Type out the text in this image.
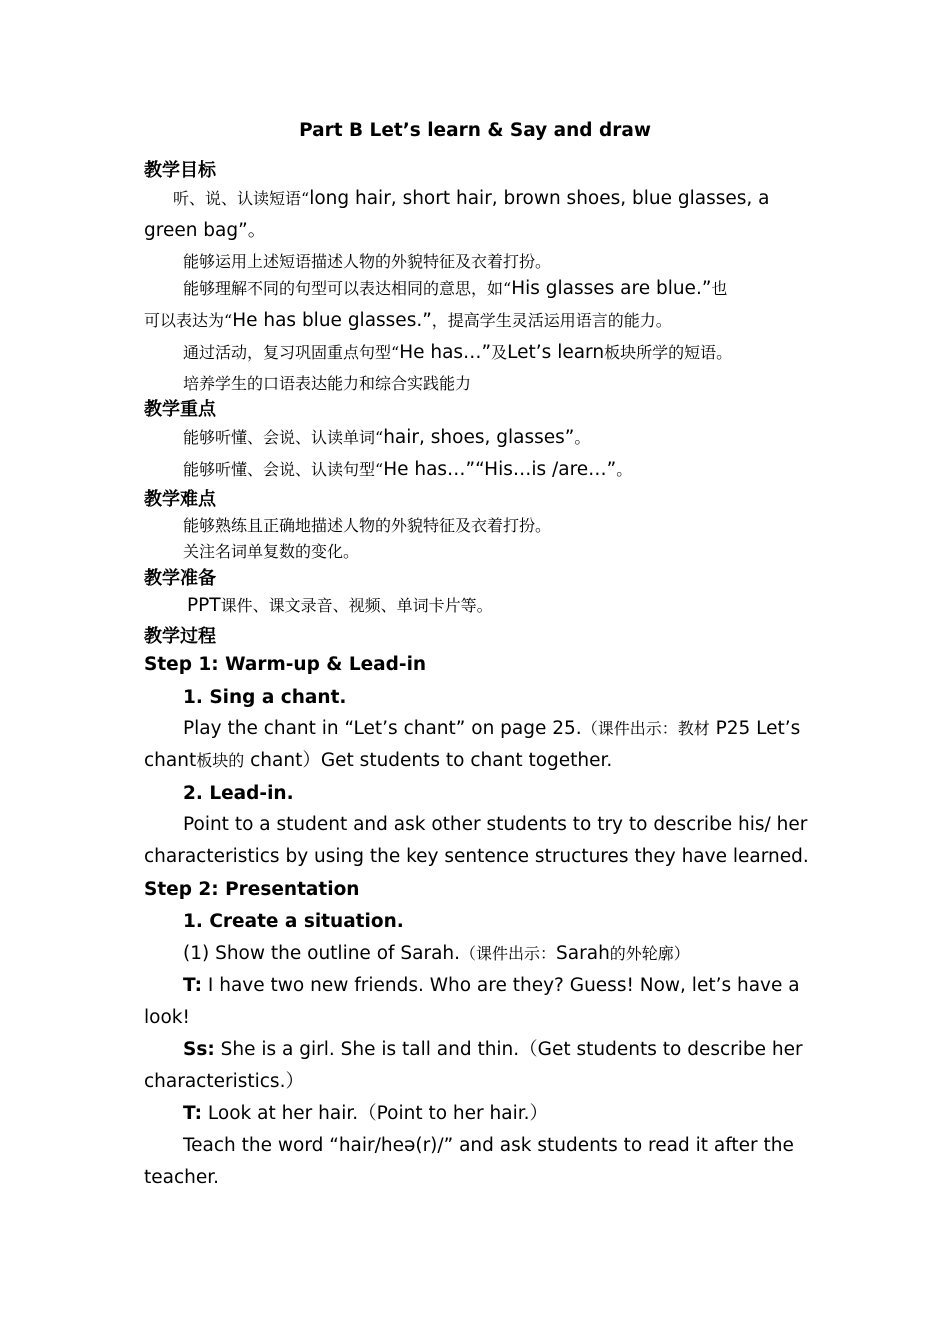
Part B Let’s learn & Say and draw
教学目标
听、说、认读短语“long hair, short hair, brown shoes, blue glasses, a
green bag”。
能够运用上述短语描述人物的外貌特征及衣着打扮。
能够理解不同的句型可以表达相同的意思，如“His glasses are blue.”也
可以表达为“He has blue glasses.”，提高学生灵活运用语言的能力。
通过活动，复习巩固重点句型“He has…”及Let’s learn板块所学的短语。
培养学生的口语表达能力和综合实践能力
教学重点
能够听懂、会说、认读单词“hair, shoes, glasses”。
能够听懂、会说、认读句型“He has…”“His…is /are…”。
教学难点
能够熟练且正确地描述人物的外貌特征及衣着打扮。
关注名词单复数的变化。
教学准备
PPT课件、课文录音、视频、单词卡片等。
教学过程
Step 1: Warm-up & Lead-in
1. Sing a chant.
Play the chant in “Let’s chant” on page 25.（课件出示：教材 P25 Let’s
chant板块的 chant）Get students to chant together.
2. Lead-in.
Point to a student and ask other students to try to describe his/ her
characteristics by using the key sentence structures they have learned.
Step 2: Presentation
1. Create a situation.
(1) Show the outline of Sarah.（课件出示：Sarah的外轮廓）
T: I have two new friends. Who are they? Guess! Now, let’s have a
look!
Ss: She is a girl. She is tall and thin.（Get students to describe her
characteristics.）
T: Look at her hair.（Point to her hair.）
Teach the word “hair/heə(r)/” and ask students to read it after the
teacher.
